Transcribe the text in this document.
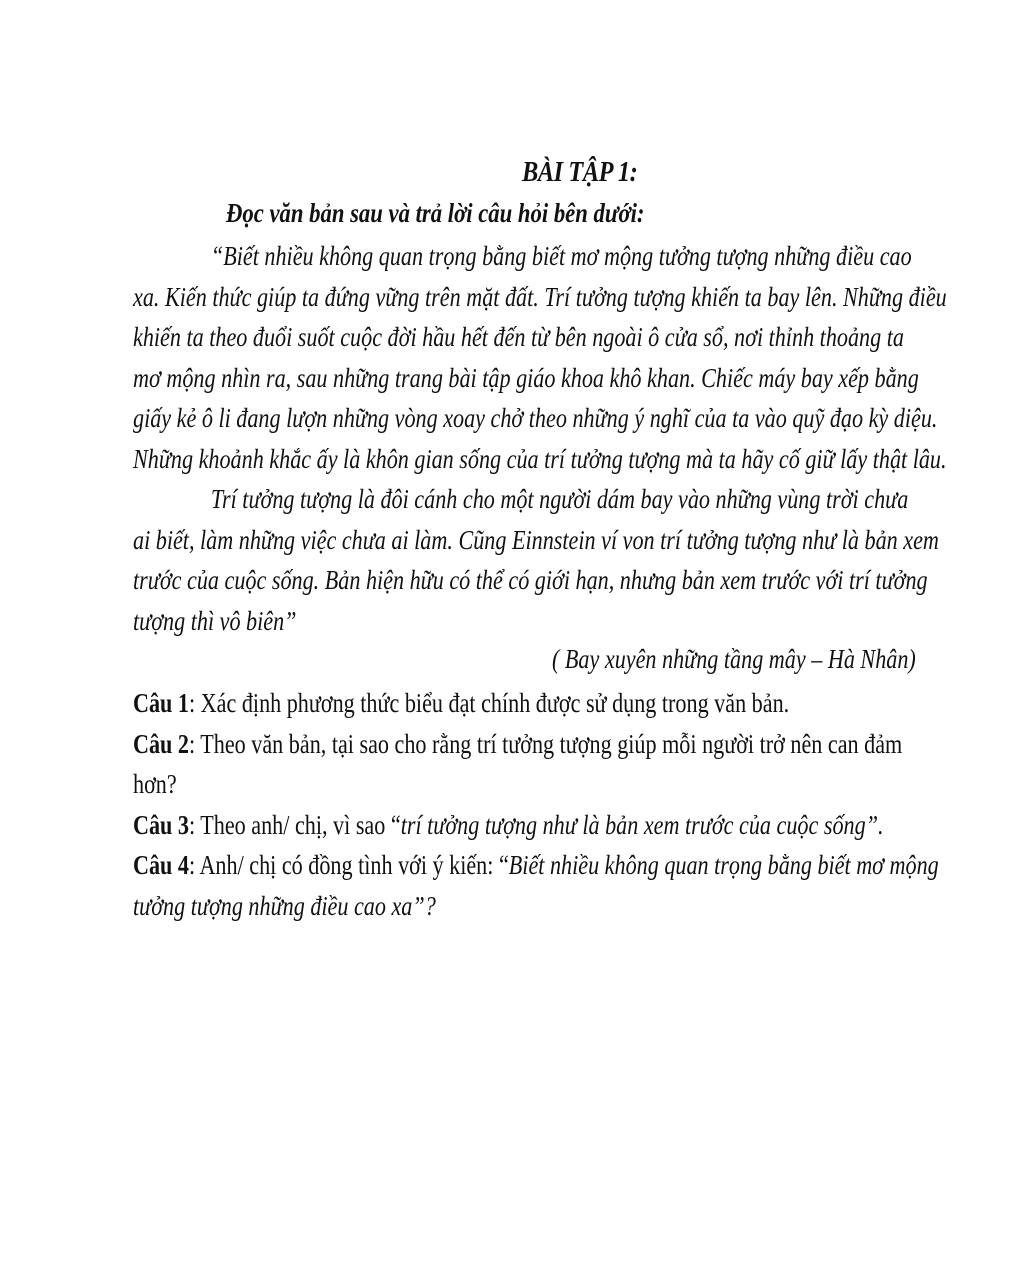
BÀI TẬP 1:
Đọc văn bản sau và trả lời câu hỏi bên dưới:
“Biết nhiều không quan trọng bằng biết mơ mộng tưởng tượng những điều cao
xa. Kiến thức giúp ta đứng vững trên mặt đất. Trí tưởng tượng khiến ta bay lên. Những điều
khiến ta theo đuổi suốt cuộc đời hầu hết đến từ bên ngoài ô cửa sổ, nơi thỉnh thoảng ta
mơ mộng nhìn ra, sau những trang bài tập giáo khoa khô khan. Chiếc máy bay xếp bằng
giấy kẻ ô li đang lượn những vòng xoay chở theo những ý nghĩ của ta vào quỹ đạo kỳ diệu.
Những khoảnh khắc ấy là khôn gian sống của trí tưởng tượng mà ta hãy cố giữ lấy thật lâu.
Trí tưởng tượng là đôi cánh cho một người dám bay vào những vùng trời chưa
ai biết, làm những việc chưa ai làm. Cũng Einnstein ví von trí tưởng tượng như là bản xem
trước của cuộc sống. Bản hiện hữu có thể có giới hạn, nhưng bản xem trước với trí tưởng
tượng thì vô biên”
( Bay xuyên những tầng mây – Hà Nhân)
Câu 1: Xác định phương thức biểu đạt chính được sử dụng trong văn bản.
Câu 2: Theo văn bản, tại sao cho rằng trí tưởng tượng giúp mỗi người trở nên can đảm
hơn?
Câu 3: Theo anh/ chị, vì sao “trí tưởng tượng như là bản xem trước của cuộc sống”.
Câu 4: Anh/ chị có đồng tình với ý kiến: “Biết nhiều không quan trọng bằng biết mơ mộng
tưởng tượng những điều cao xa”?
